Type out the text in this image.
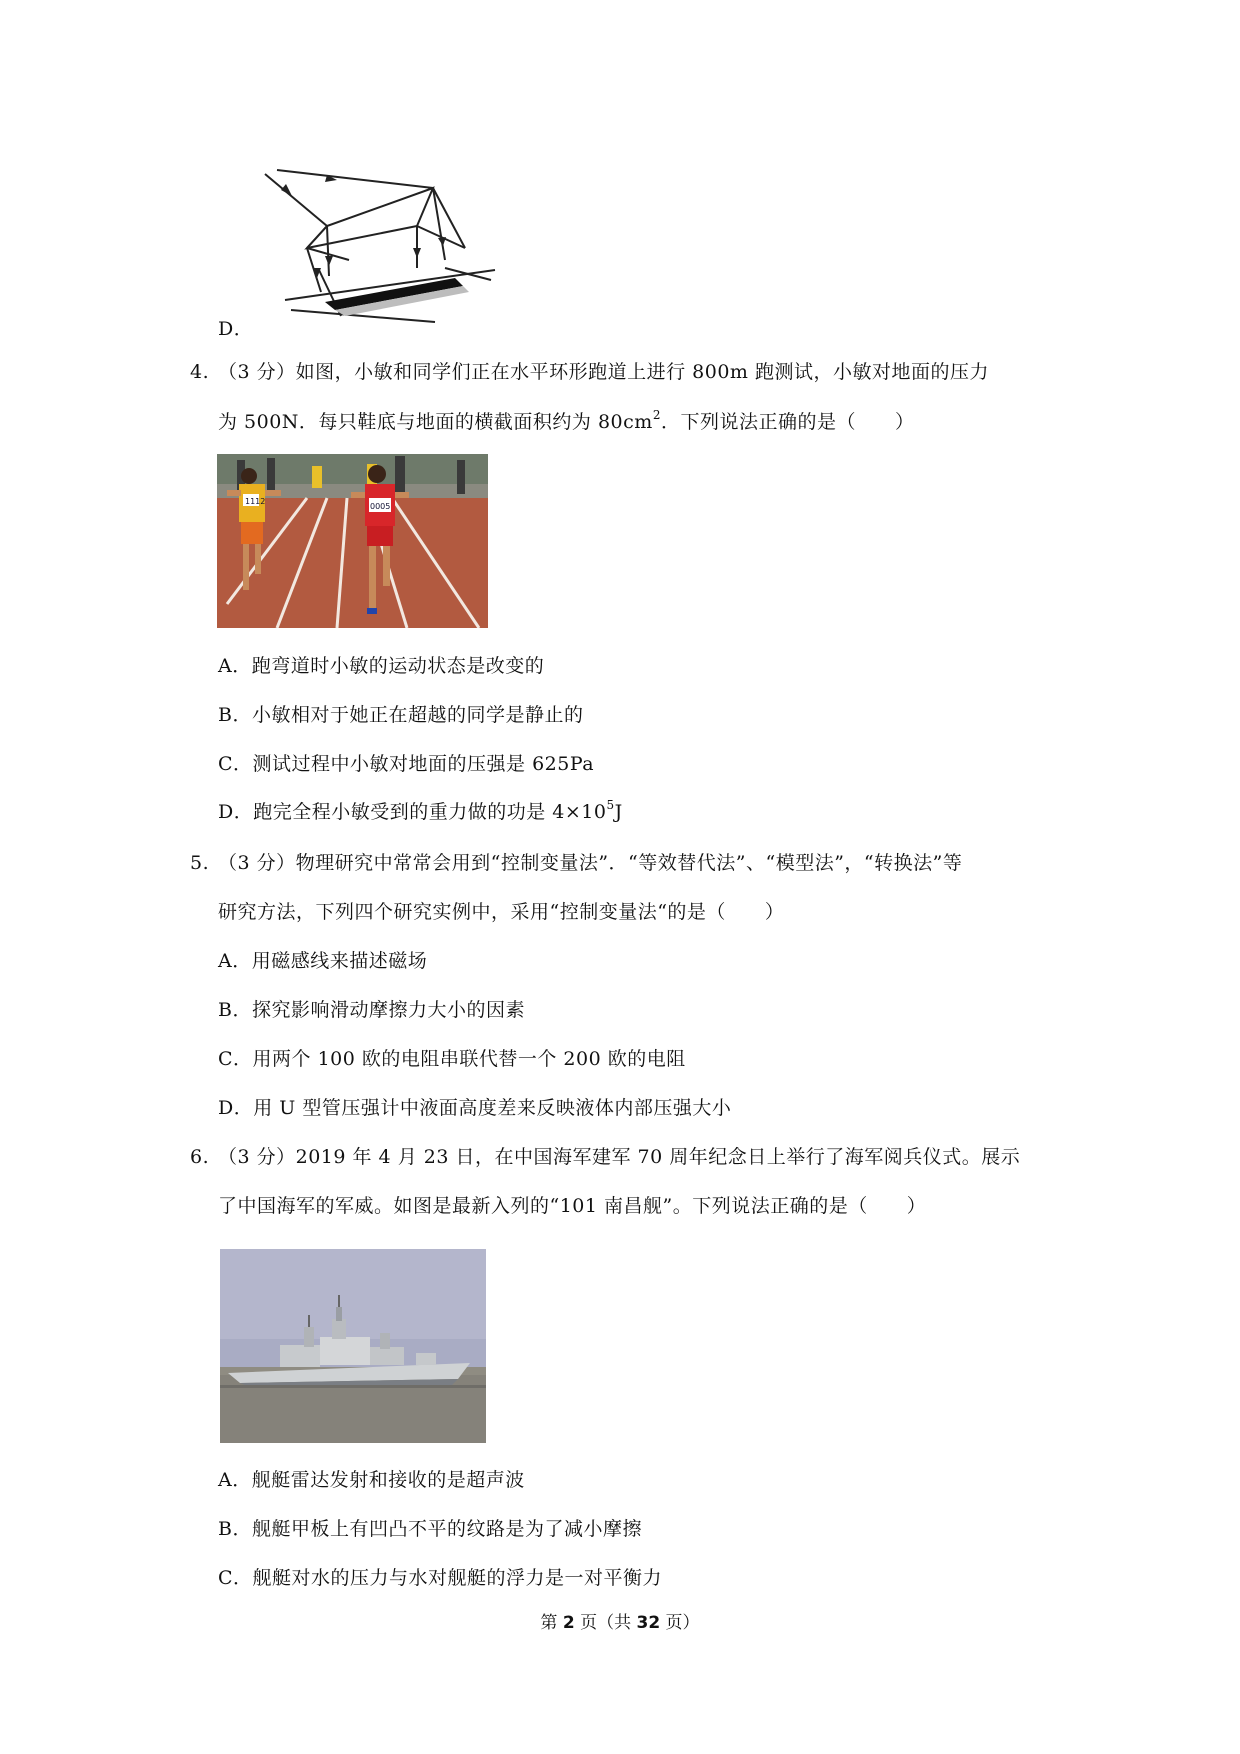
D．
4. （3 分）如图，小敏和同学们正在水平环形跑道上进行 800m 跑测试，小敏对地面的压力
为 500N．每只鞋底与地面的横截面积约为 $80cm^2$．下列说法正确的是（　　）
1112
0005
A．跑弯道时小敏的运动状态是改变的
B．小敏相对于她正在超越的同学是静止的
C．测试过程中小敏对地面的压强是 625Pa
D．跑完全程小敏受到的重力做的功是 $4\times 10^5J$
5. （3 分）物理研究中常常会用到“控制变量法”．“等效替代法”、“模型法”，“转换法”等
研究方法，下列四个研究实例中，采用“控制变量法“的是（　　）
A．用磁感线来描述磁场
B．探究影响滑动摩擦力大小的因素
C．用两个 100 欧的电阻串联代替一个 200 欧的电阻
D．用 U 型管压强计中液面高度差来反映液体内部压强大小
6. （3 分）2019 年 4 月 23 日，在中国海军建军 70 周年纪念日上举行了海军阅兵仪式。展示
了中国海军的军威。如图是最新入列的“101 南昌舰”。下列说法正确的是（　　）
A．舰艇雷达发射和接收的是超声波
B．舰艇甲板上有凹凸不平的纹路是为了减小摩擦
C．舰艇对水的压力与水对舰艇的浮力是一对平衡力
第 2 页（共 32 页）
